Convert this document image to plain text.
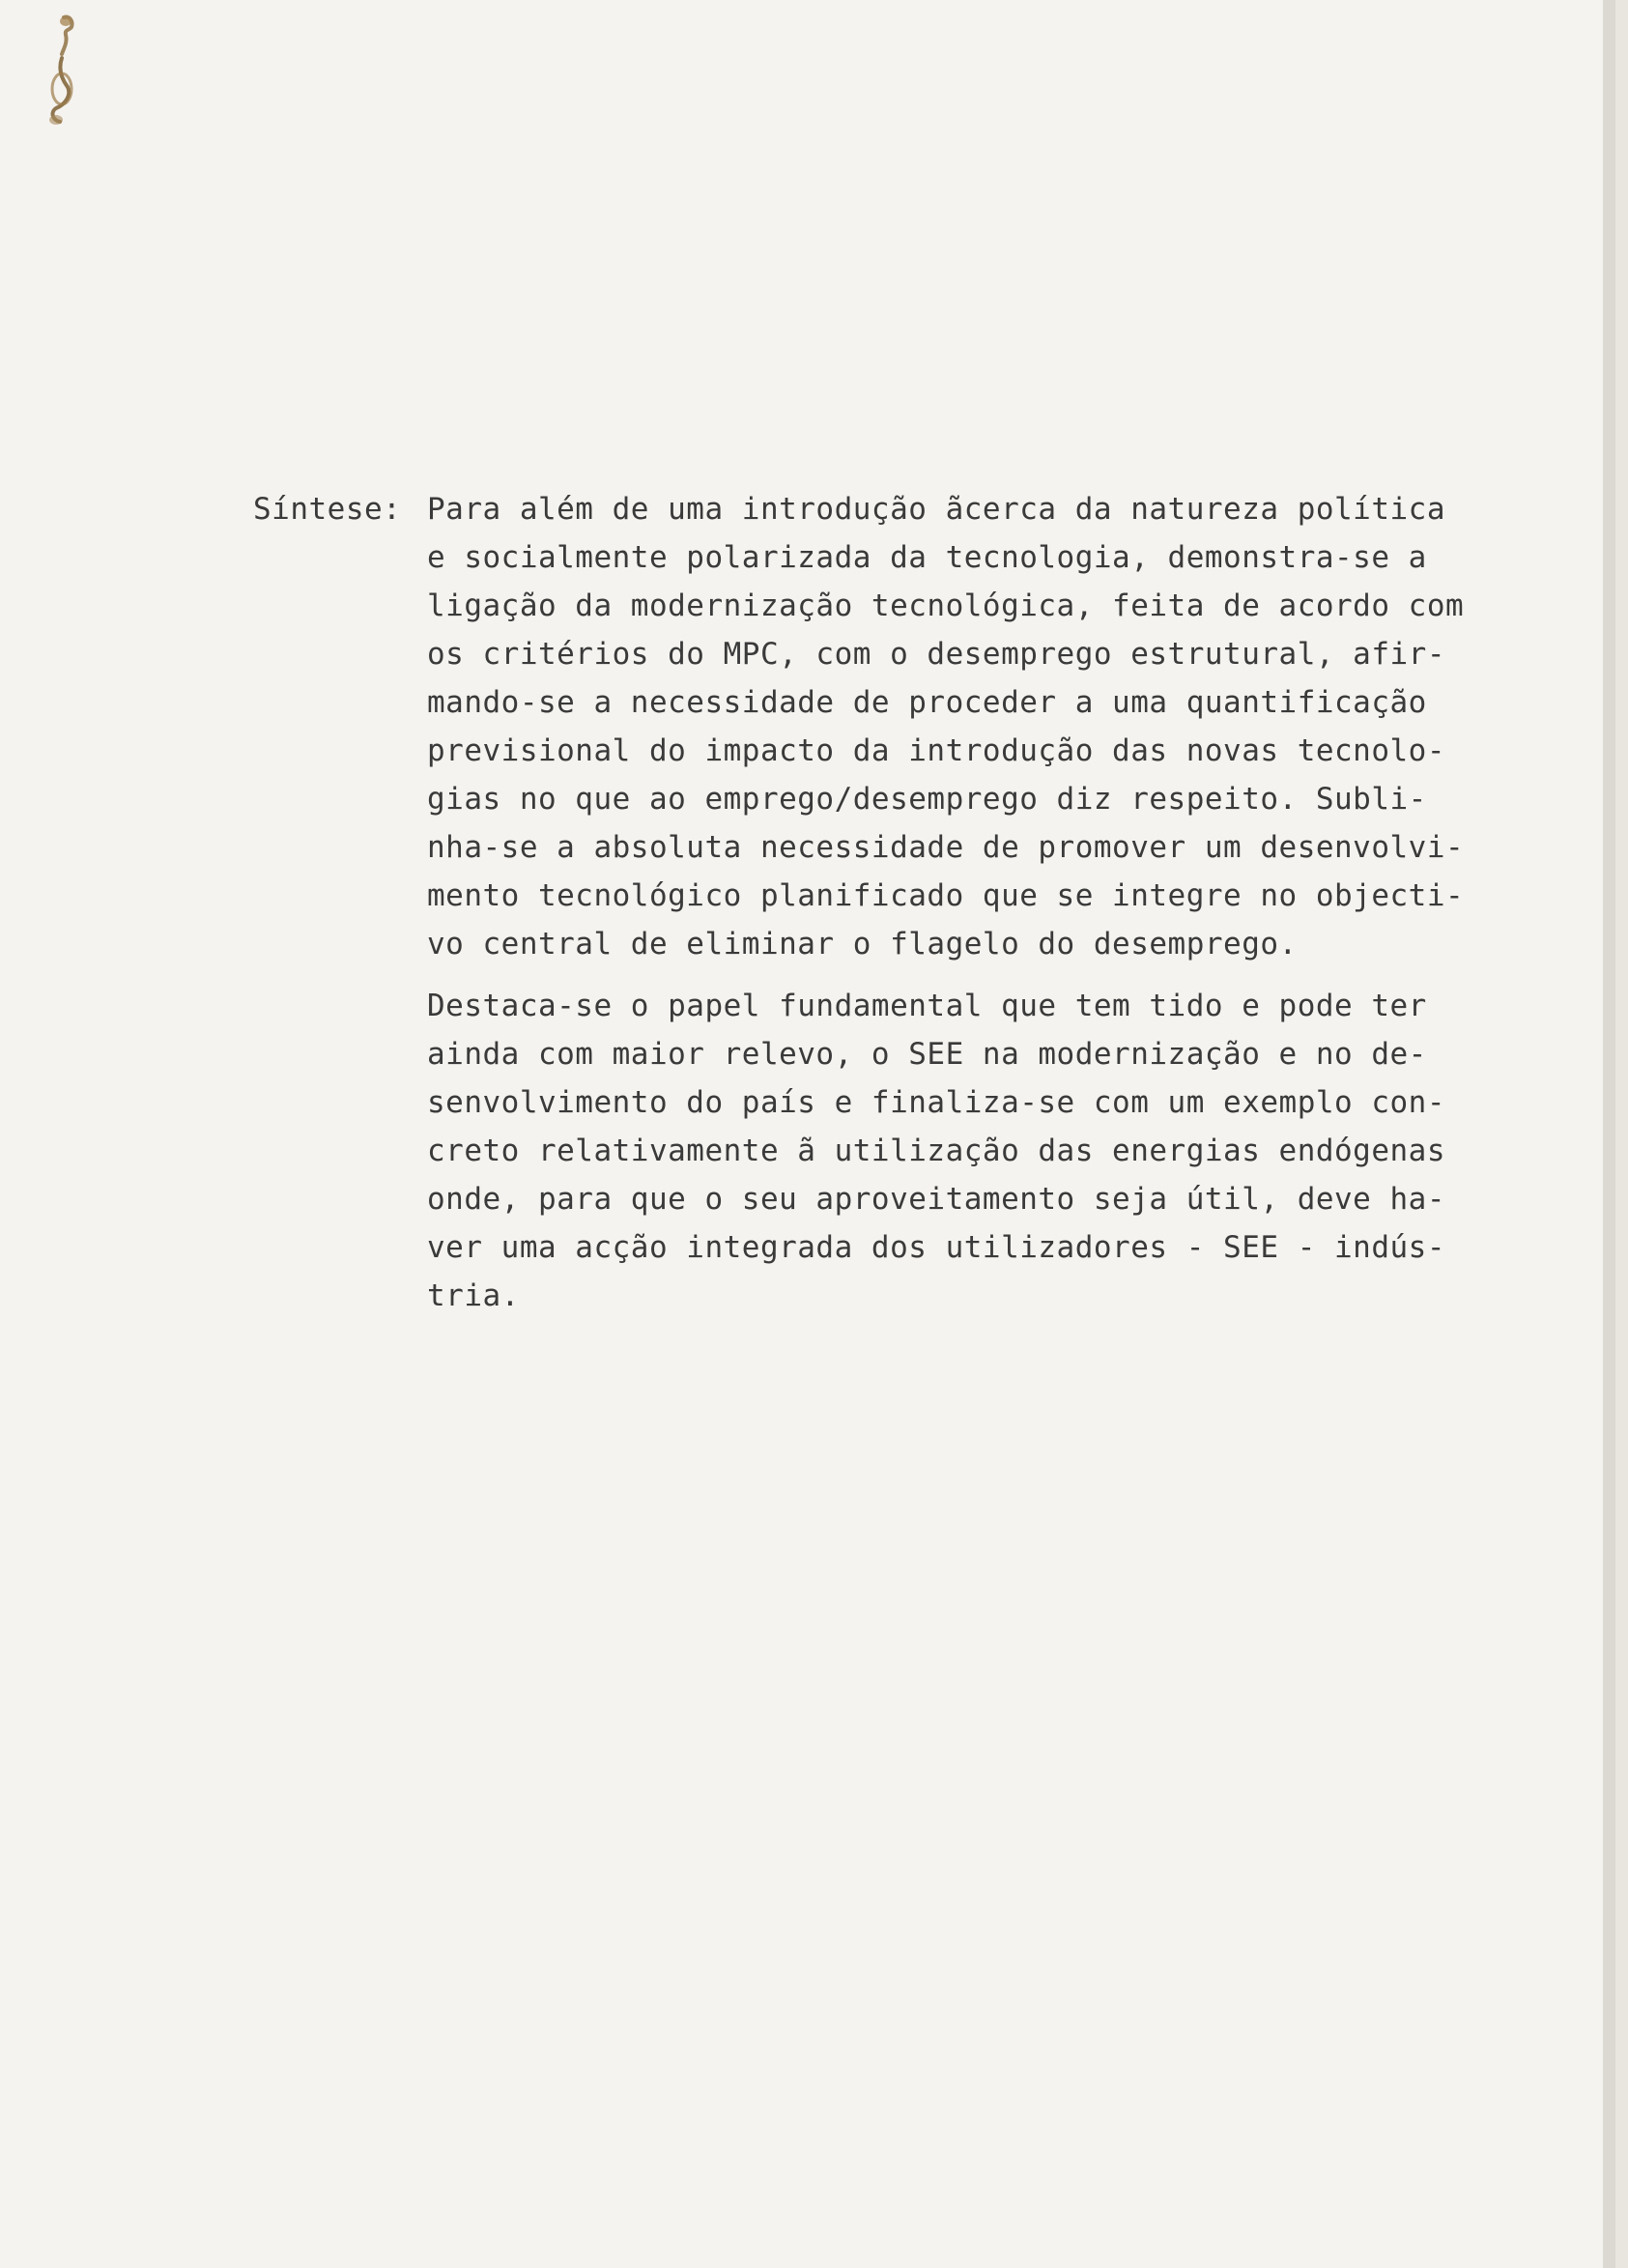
Síntese: Para além de uma introdução ãcerca da natureza política
e socialmente polarizada da tecnologia, demonstra-se a
ligação da modernização tecnológica, feita de acordo com
os critérios do MPC, com o desemprego estrutural, afir-
mando-se a necessidade de proceder a uma quantificação
previsional do impacto da introdução das novas tecnolo-
gias no que ao emprego/desemprego diz respeito. Subli-
nha-se a absoluta necessidade de promover um desenvolvi-
mento tecnológico planificado que se integre no objecti-
vo central de eliminar o flagelo do desemprego.

Destaca-se o papel fundamental que tem tido e pode ter
ainda com maior relevo, o SEE na modernização e no de-
senvolvimento do país e finaliza-se com um exemplo con-
creto relativamente ã utilização das energias endógenas
onde, para que o seu aproveitamento seja útil, deve ha-
ver uma acção integrada dos utilizadores - SEE - indús-
tria.
